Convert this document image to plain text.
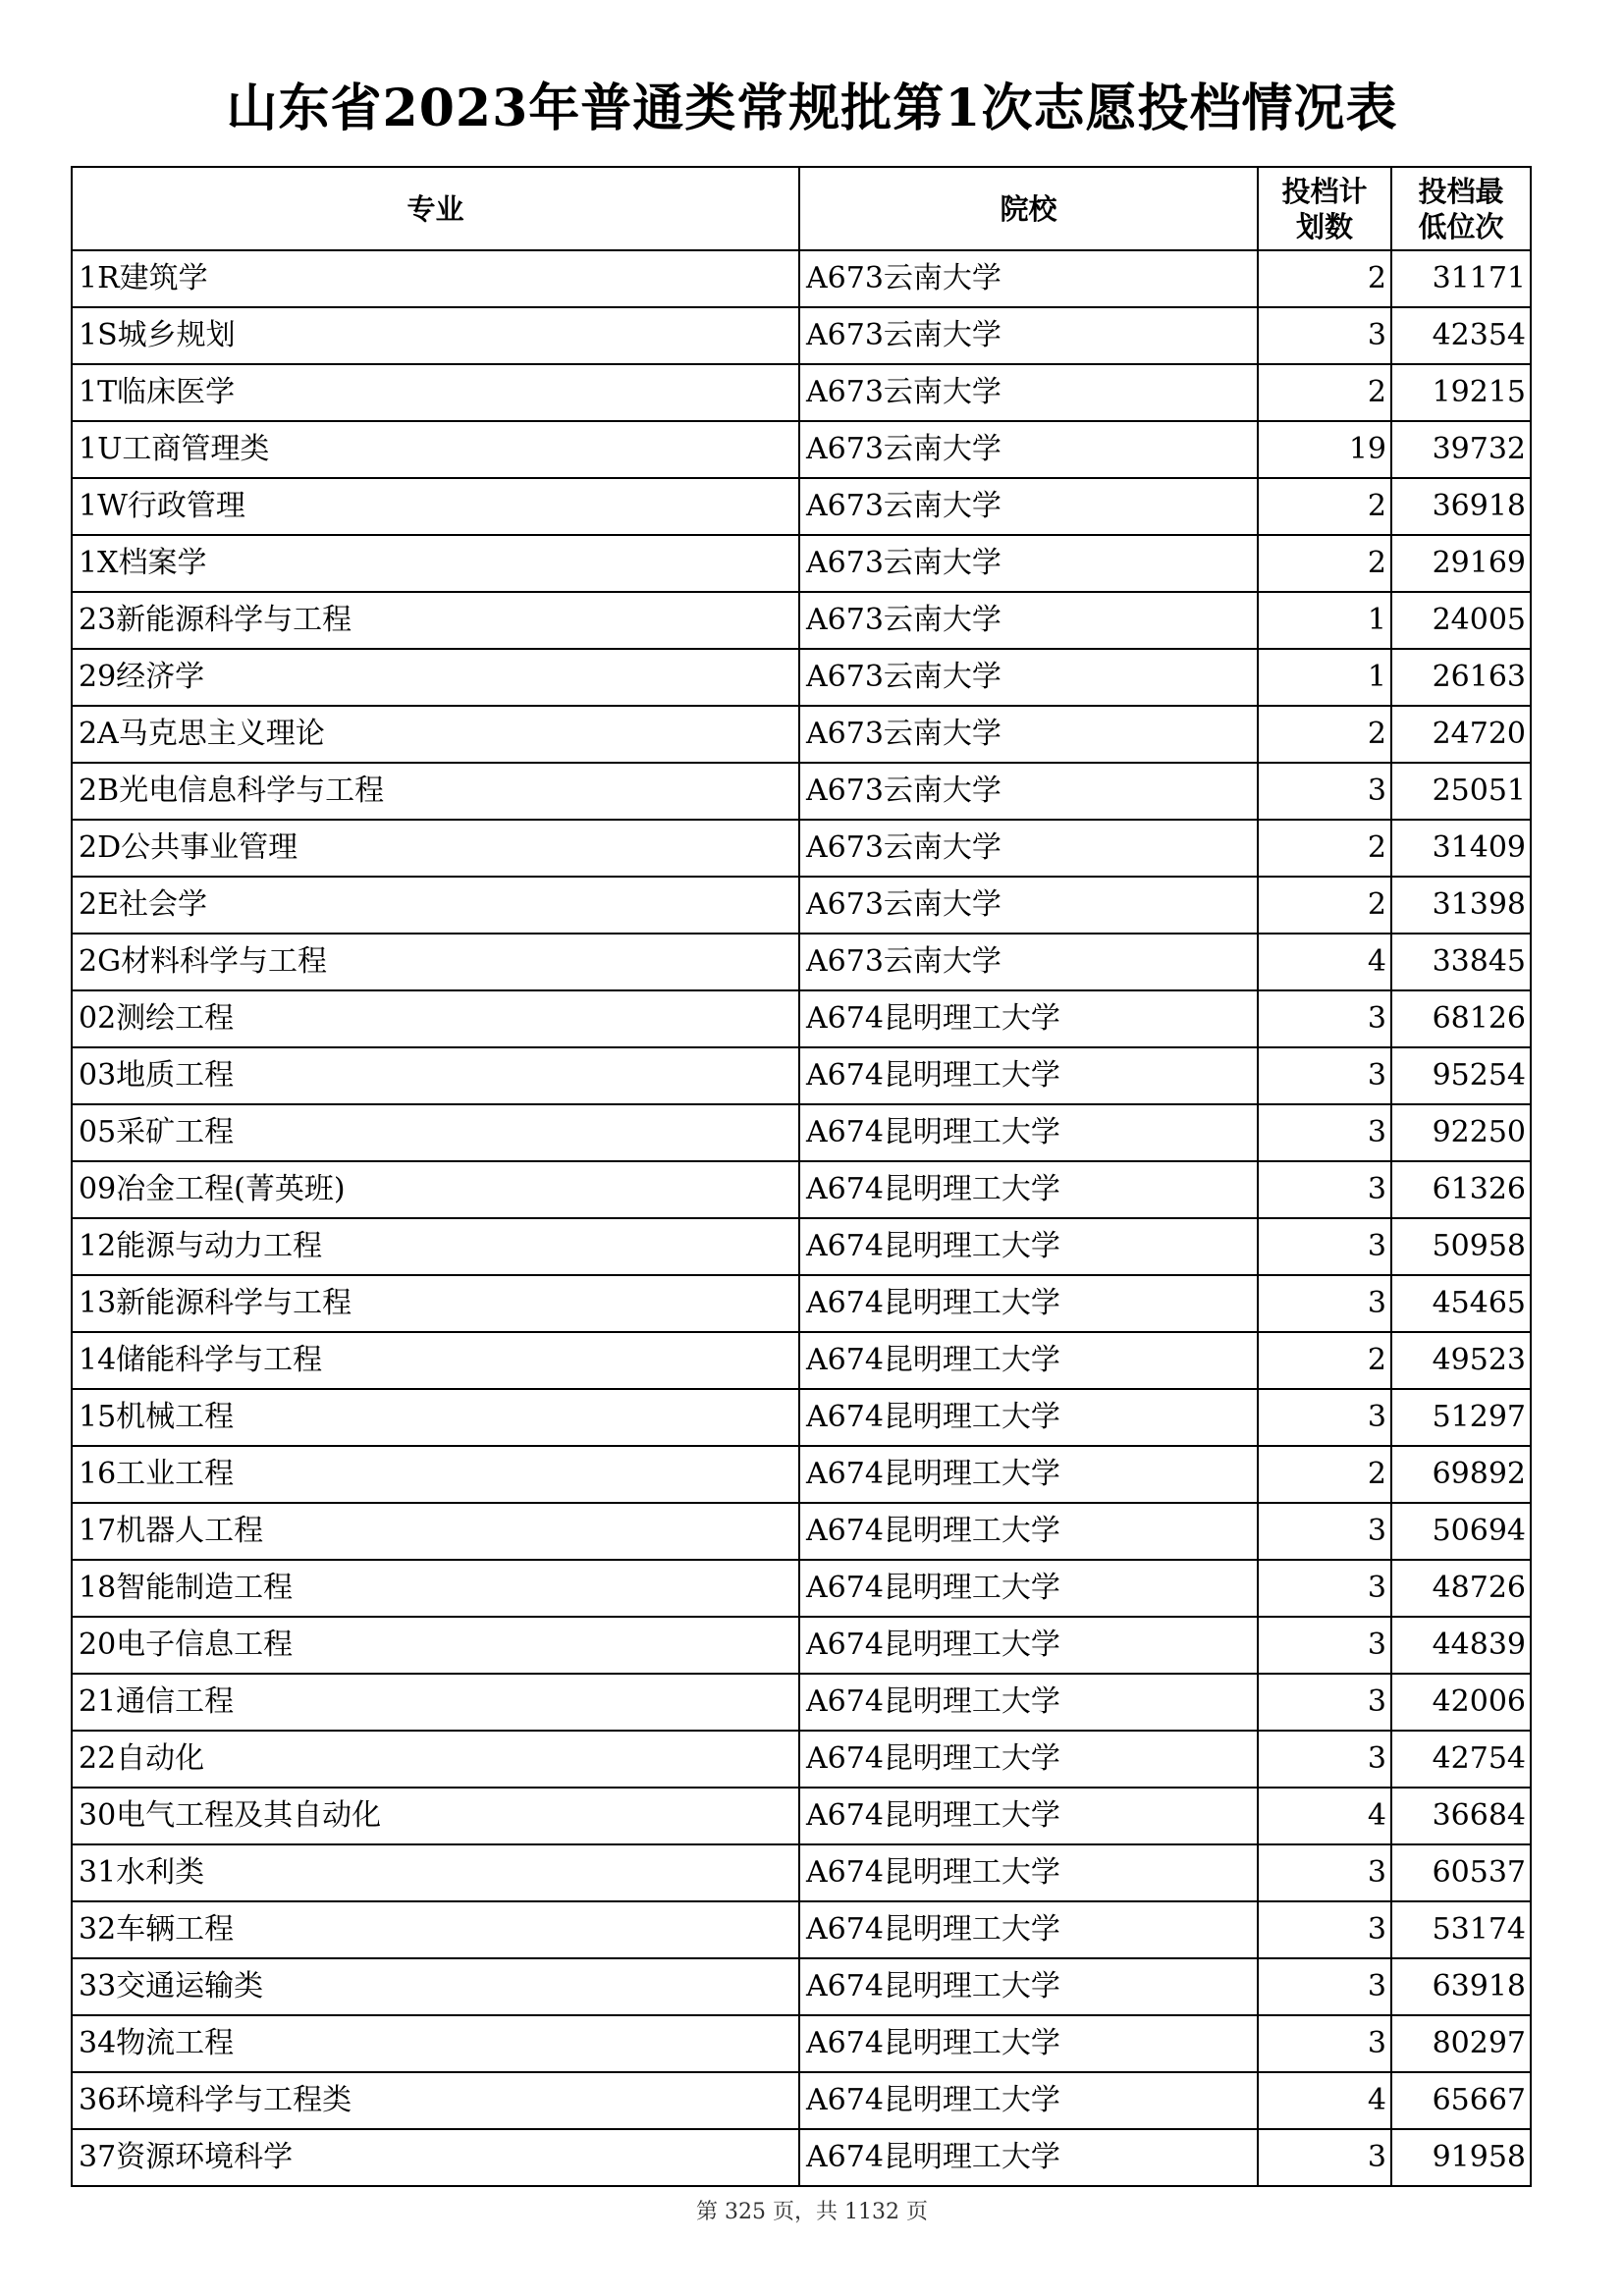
山东省2023年普通类常规批第1次志愿投档情况表
专业	院校	投档计划数	投档最低位次
1R建筑学	A673云南大学	2	31171
1S城乡规划	A673云南大学	3	42354
1T临床医学	A673云南大学	2	19215
1U工商管理类	A673云南大学	19	39732
1W行政管理	A673云南大学	2	36918
1X档案学	A673云南大学	2	29169
23新能源科学与工程	A673云南大学	1	24005
29经济学	A673云南大学	1	26163
2A马克思主义理论	A673云南大学	2	24720
2B光电信息科学与工程	A673云南大学	3	25051
2D公共事业管理	A673云南大学	2	31409
2E社会学	A673云南大学	2	31398
2G材料科学与工程	A673云南大学	4	33845
02测绘工程	A674昆明理工大学	3	68126
03地质工程	A674昆明理工大学	3	95254
05采矿工程	A674昆明理工大学	3	92250
09冶金工程(菁英班)	A674昆明理工大学	3	61326
12能源与动力工程	A674昆明理工大学	3	50958
13新能源科学与工程	A674昆明理工大学	3	45465
14储能科学与工程	A674昆明理工大学	2	49523
15机械工程	A674昆明理工大学	3	51297
16工业工程	A674昆明理工大学	2	69892
17机器人工程	A674昆明理工大学	3	50694
18智能制造工程	A674昆明理工大学	3	48726
20电子信息工程	A674昆明理工大学	3	44839
21通信工程	A674昆明理工大学	3	42006
22自动化	A674昆明理工大学	3	42754
30电气工程及其自动化	A674昆明理工大学	4	36684
31水利类	A674昆明理工大学	3	60537
32车辆工程	A674昆明理工大学	3	53174
33交通运输类	A674昆明理工大学	3	63918
34物流工程	A674昆明理工大学	3	80297
36环境科学与工程类	A674昆明理工大学	4	65667
37资源环境科学	A674昆明理工大学	3	91958
第 325 页，共 1132 页
